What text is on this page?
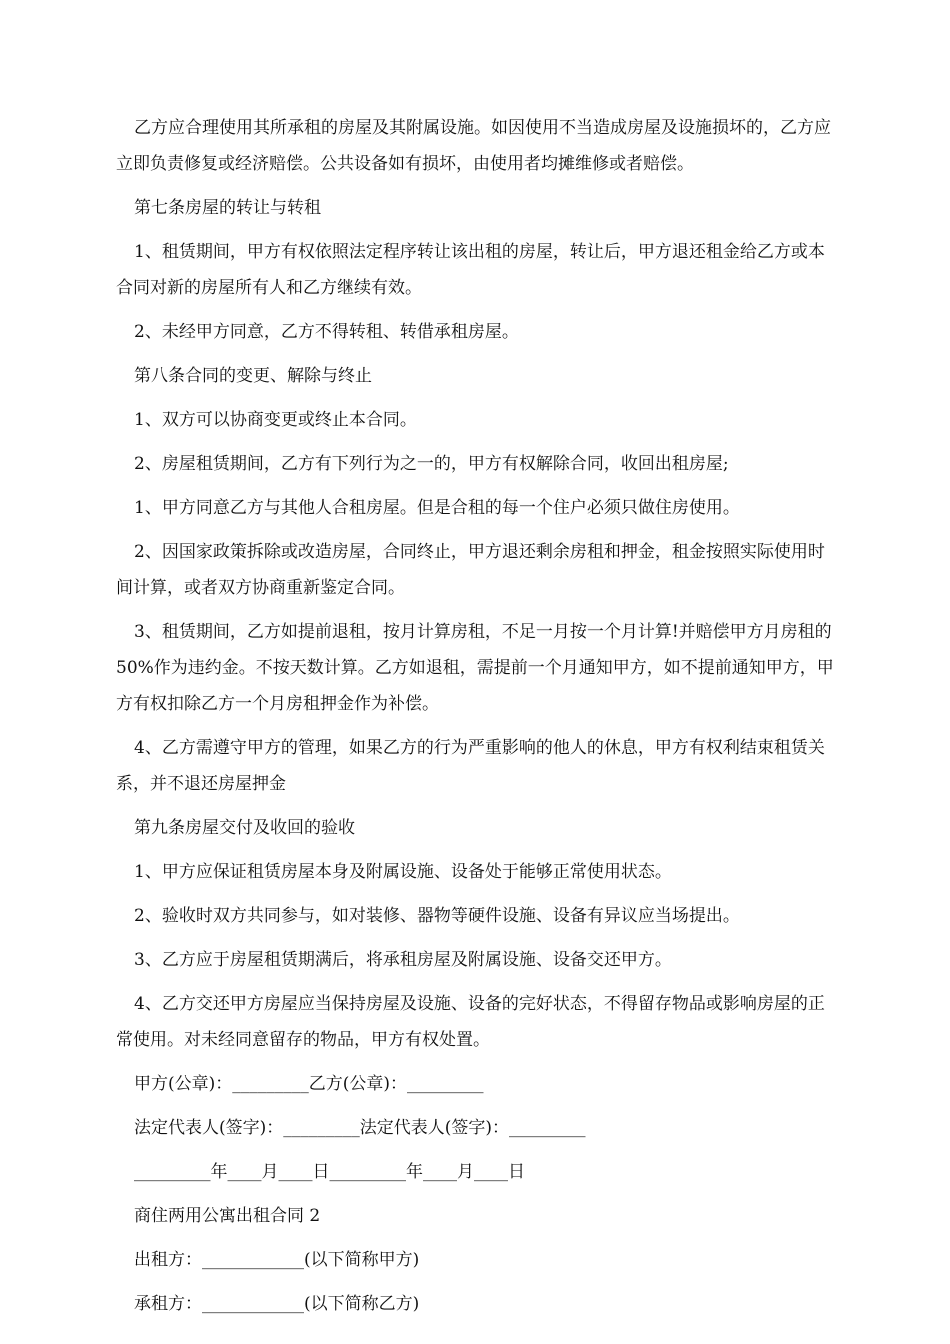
乙方应合理使用其所承租的房屋及其附属设施。如因使用不当造成房屋及设施损坏的，乙方应立即负责修复或经济赔偿。公共设备如有损坏，由使用者均摊维修或者赔偿。

第七条房屋的转让与转租

1、租赁期间，甲方有权依照法定程序转让该出租的房屋，转让后，甲方退还租金给乙方或本合同对新的房屋所有人和乙方继续有效。

2、未经甲方同意，乙方不得转租、转借承租房屋。

第八条合同的变更、解除与终止

1、双方可以协商变更或终止本合同。

2、房屋租赁期间，乙方有下列行为之一的，甲方有权解除合同，收回出租房屋;

1、甲方同意乙方与其他人合租房屋。但是合租的每一个住户必须只做住房使用。

2、因国家政策拆除或改造房屋，合同终止，甲方退还剩余房租和押金，租金按照实际使用时间计算，或者双方协商重新鉴定合同。

3、租赁期间，乙方如提前退租，按月计算房租，不足一月按一个月计算!并赔偿甲方月房租的 50%作为违约金。不按天数计算。乙方如退租，需提前一个月通知甲方，如不提前通知甲方，甲方有权扣除乙方一个月房租押金作为补偿。

4、乙方需遵守甲方的管理，如果乙方的行为严重影响的他人的休息，甲方有权利结束租赁关系，并不退还房屋押金

第九条房屋交付及收回的验收

1、甲方应保证租赁房屋本身及附属设施、设备处于能够正常使用状态。

2、验收时双方共同参与，如对装修、器物等硬件设施、设备有异议应当场提出。

3、乙方应于房屋租赁期满后，将承租房屋及附属设施、设备交还甲方。

4、乙方交还甲方房屋应当保持房屋及设施、设备的完好状态，不得留存物品或影响房屋的正常使用。对未经同意留存的物品，甲方有权处置。

甲方(公章)：_________乙方(公章)：_________

法定代表人(签字)：_________法定代表人(签字)：_________

_________年____月____日_________年____月____日

商住两用公寓出租合同 2

出租方：____________(以下简称甲方)

承租方：____________(以下简称乙方)
